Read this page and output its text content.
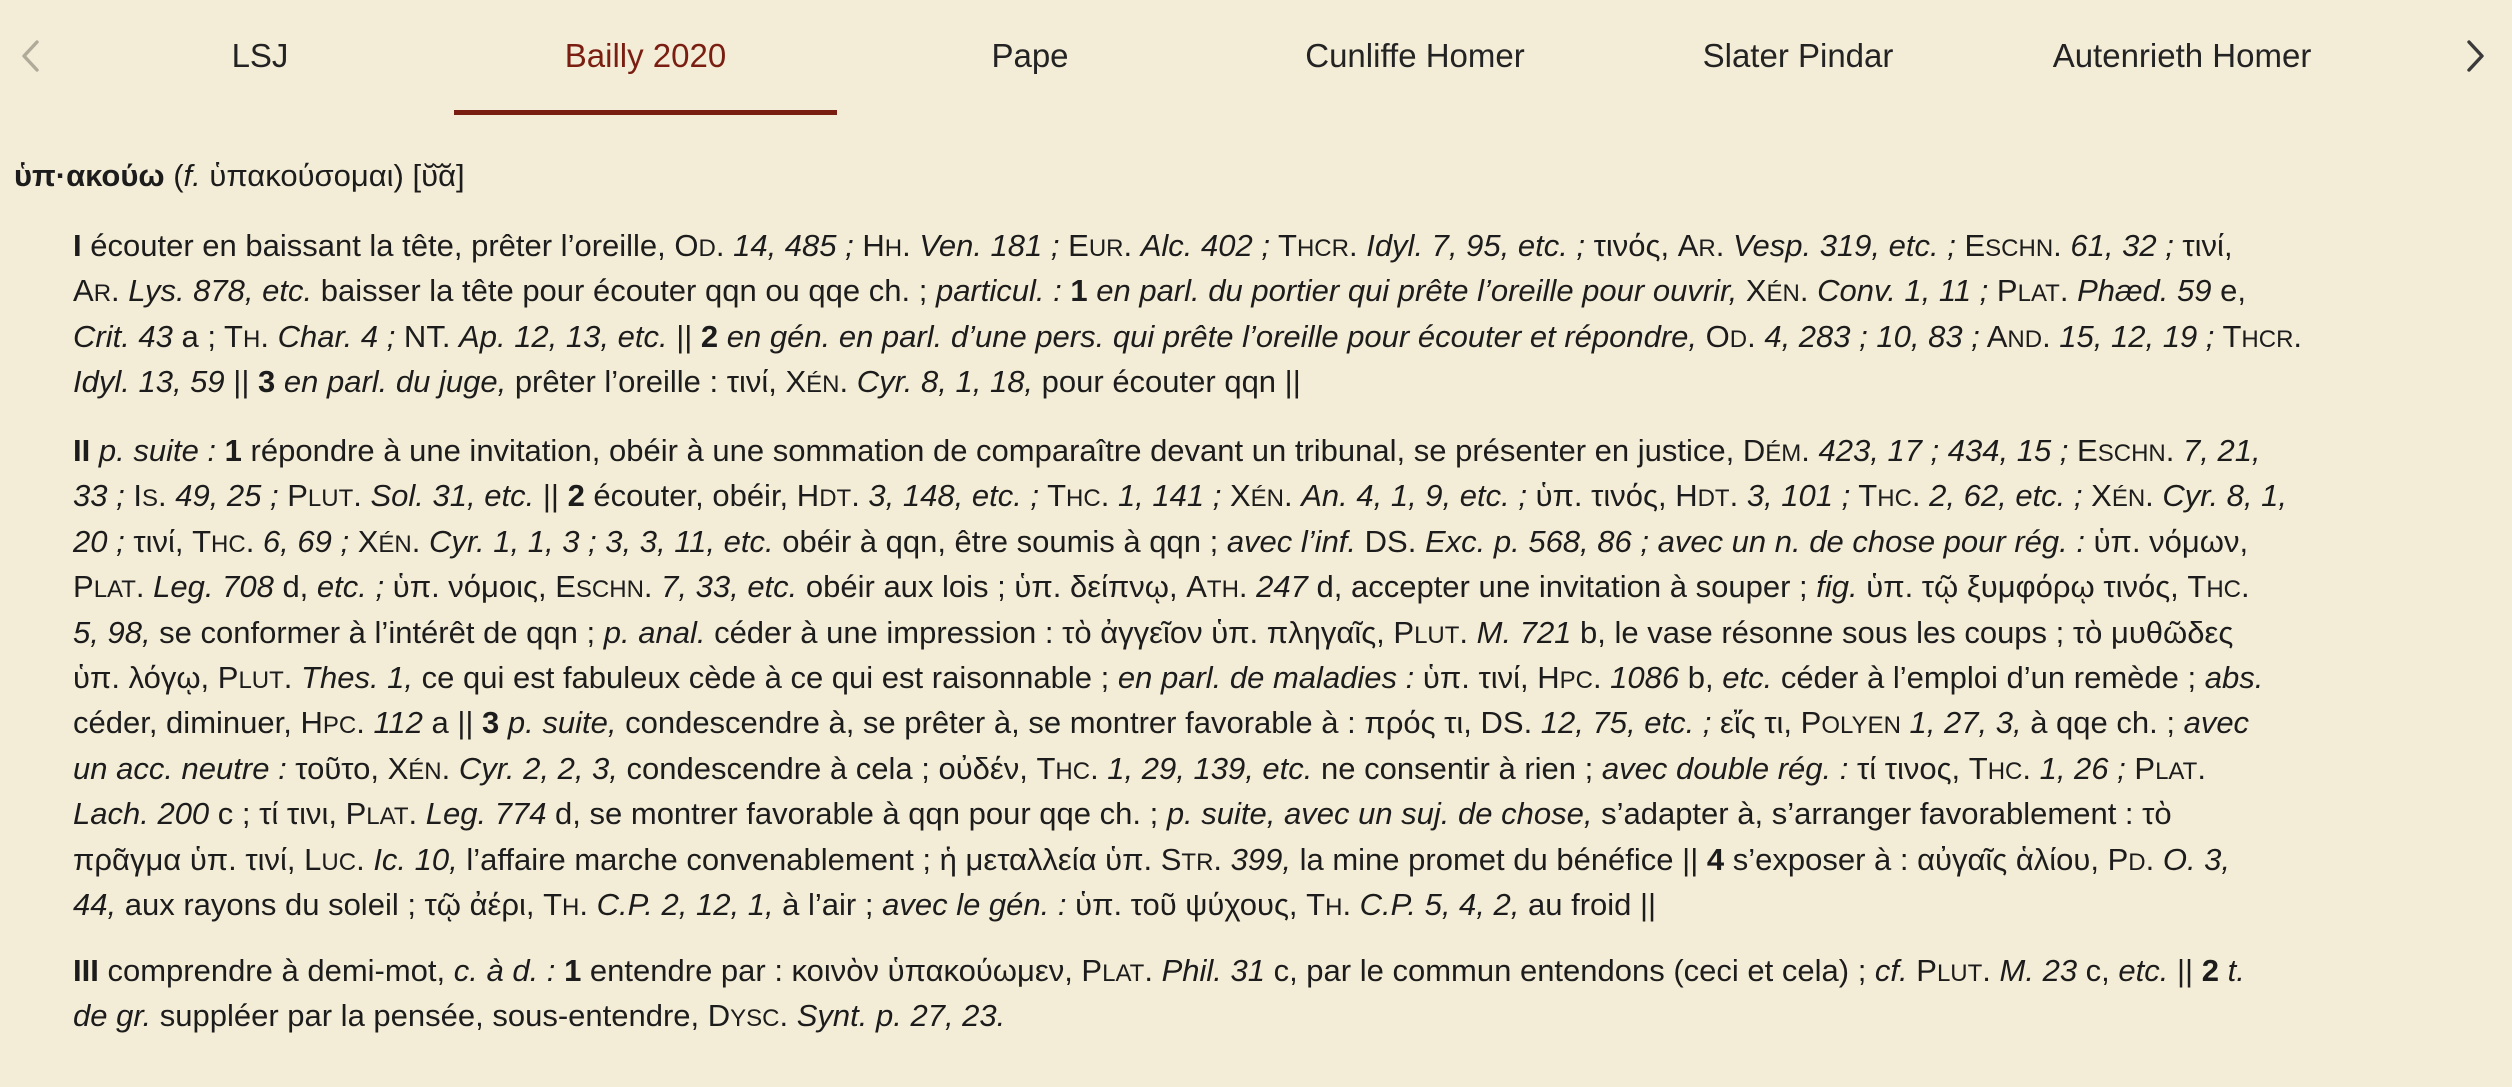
LSJ	Bailly 2020	Pape	Cunliffe Homer	Slater Pindar	Autenrieth Homer
ὑπ·ακούω (f. ὑπακούσομαι) [ῠ̆ᾰ]
I écouter en baissant la tête, prêter l’oreille, OD. 14, 485 ; HH. Ven. 181 ; EUR. Alc. 402 ; THCR. Idyl. 7, 95, etc. ; τινός, AR. Vesp. 319, etc. ; ESCHN. 61, 32 ; τινί,
AR. Lys. 878, etc. baisser la tête pour écouter qqn ou qqe ch. ; particul. : 1 en parl. du portier qui prête l’oreille pour ouvrir, XÉN. Conv. 1, 11 ; PLAT. Phæd. 59 e,
Crit. 43 a ; TH. Char. 4 ; NT. Ap. 12, 13, etc. || 2 en gén. en parl. d’une pers. qui prête l’oreille pour écouter et répondre, OD. 4, 283 ; 10, 83 ; AND. 15, 12, 19 ; THCR.
Idyl. 13, 59 || 3 en parl. du juge, prêter l’oreille : τινί, XÉN. Cyr. 8, 1, 18, pour écouter qqn ||
II p. suite : 1 répondre à une invitation, obéir à une sommation de comparaître devant un tribunal, se présenter en justice, DÉM. 423, 17 ; 434, 15 ; ESCHN. 7, 21,
33 ; IS. 49, 25 ; PLUT. Sol. 31, etc. || 2 écouter, obéir, HDT. 3, 148, etc. ; THC. 1, 141 ; XÉN. An. 4, 1, 9, etc. ; ὑπ. τινός, HDT. 3, 101 ; THC. 2, 62, etc. ; XÉN. Cyr. 8, 1,
20 ; τινί, THC. 6, 69 ; XÉN. Cyr. 1, 1, 3 ; 3, 3, 11, etc. obéir à qqn, être soumis à qqn ; avec l’inf. DS. Exc. p. 568, 86 ; avec un n. de chose pour rég. : ὑπ. νόμων,
PLAT. Leg. 708 d, etc. ; ὑπ. νόμοις, ESCHN. 7, 33, etc. obéir aux lois ; ὑπ. δείπνῳ, ATH. 247 d, accepter une invitation à souper ; fig. ὑπ. τῷ ξυμφόρῳ τινός, THC.
5, 98, se conformer à l’intérêt de qqn ; p. anal. céder à une impression : τὸ ἀγγεῖον ὑπ. πληγαῖς, PLUT. M. 721 b, le vase résonne sous les coups ; τὸ μυθῶδες
ὑπ. λόγῳ, PLUT. Thes. 1, ce qui est fabuleux cède à ce qui est raisonnable ; en parl. de maladies : ὑπ. τινί, HPC. 1086 b, etc. céder à l’emploi d’un remède ; abs.
céder, diminuer, HPC. 112 a || 3 p. suite, condescendre à, se prêter à, se montrer favorable à : πρός τι, DS. 12, 75, etc. ; εἴς τι, POLYEN 1, 27, 3, à qqe ch. ; avec
un acc. neutre : τοῦτο, XÉN. Cyr. 2, 2, 3, condescendre à cela ; οὐδέν, THC. 1, 29, 139, etc. ne consentir à rien ; avec double rég. : τί τινος, THC. 1, 26 ; PLAT.
Lach. 200 c ; τί τινι, PLAT. Leg. 774 d, se montrer favorable à qqn pour qqe ch. ; p. suite, avec un suj. de chose, s’adapter à, s’arranger favorablement : τὸ
πρᾶγμα ὑπ. τινί, LUC. Ic. 10, l’affaire marche convenablement ; ἡ μεταλλεία ὑπ. STR. 399, la mine promet du bénéfice || 4 s’exposer à : αὐγαῖς ἁλίου, PD. O. 3,
44, aux rayons du soleil ; τῷ ἀέρι, TH. C.P. 2, 12, 1, à l’air ; avec le gén. : ὑπ. τοῦ ψύχους, TH. C.P. 5, 4, 2, au froid ||
III comprendre à demi-mot, c. à d. : 1 entendre par : κοινὸν ὑπακούωμεν, PLAT. Phil. 31 c, par le commun entendons (ceci et cela) ; cf. PLUT. M. 23 c, etc. || 2 t.
de gr. suppléer par la pensée, sous-entendre, DYSC. Synt. p. 27, 23.
